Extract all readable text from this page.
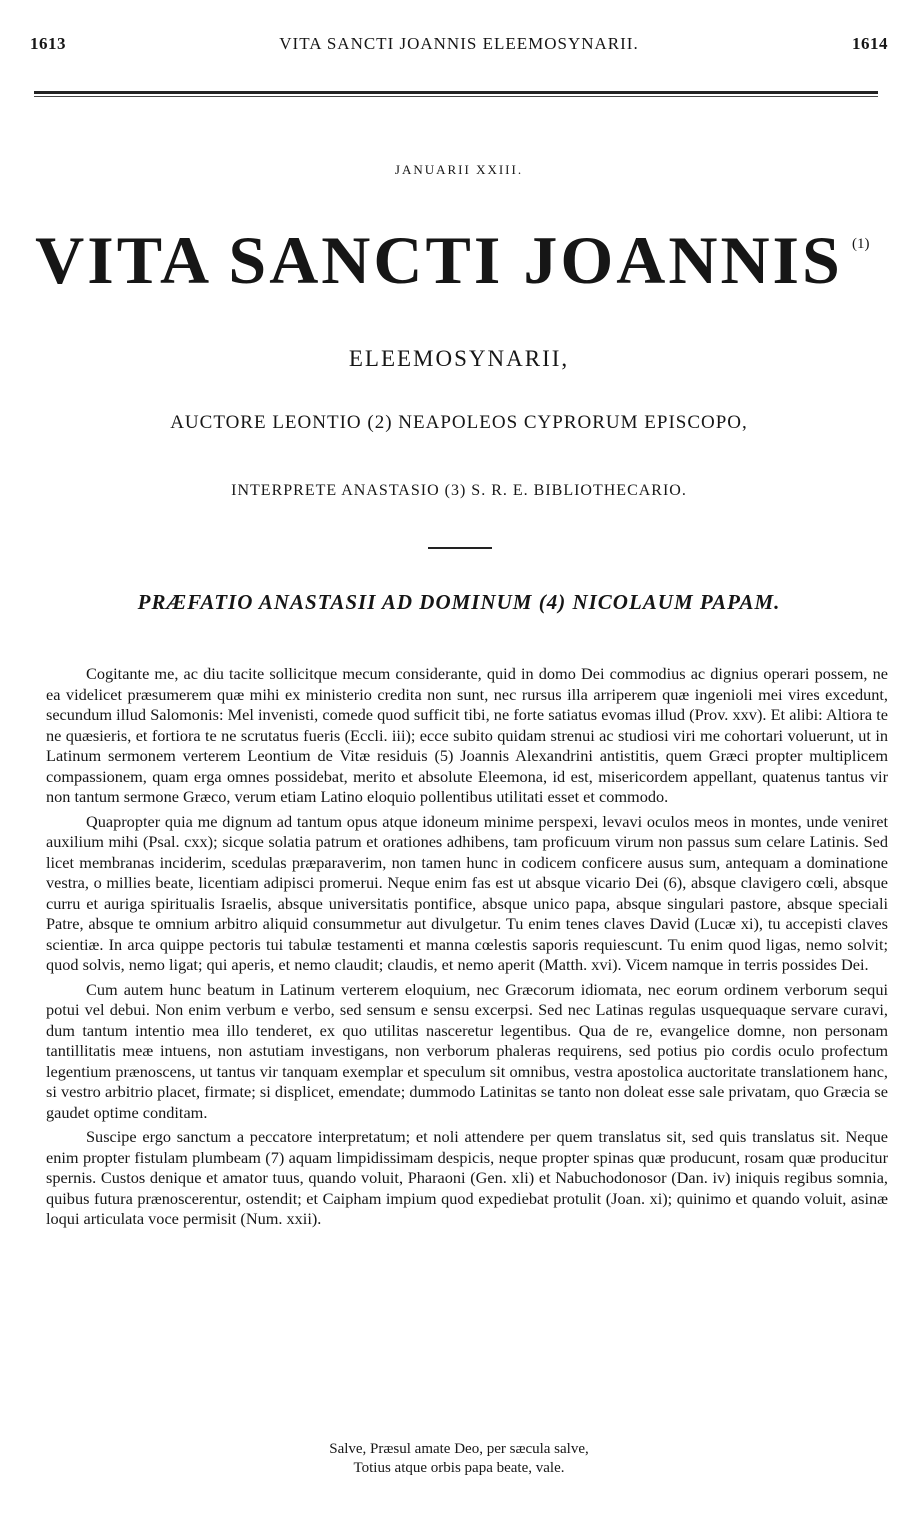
1613	VITA SANCTI JOANNIS ELEEMOSYNARII.	1614
JANUARII XXIII.
VITA SANCTI JOANNIS (1)
ELEEMOSYNARII,
AUCTORE LEONTIO (2) NEAPOLEOS CYPRORUM EPISCOPO,
INTERPRETE ANASTASIO (3) S. R. E. BIBLIOTHECARIO.
PRÆFATIO ANASTASII AD DOMINUM (4) NICOLAUM PAPAM.

Cogitante me, ac diu tacite sollicitque mecum considerante, quid in domo Dei commodius ac dignius operari possem, ne ea videlicet præsumerem quæ mihi ex ministerio credita non sunt, nec rursus illa arriperem quæ ingenioli mei vires excedunt, secundum illud Salomonis: Mel invenisti, comede quod sufficit tibi, ne forte satiatus evomas illud (Prov. xxv). Et alibi: Altiora te ne quæsieris, et fortiora te ne scrutatus fueris (Eccli. iii); ecce subito quidam strenui ac studiosi viri me cohortari voluerunt, ut in Latinum sermonem verterem Leontium de Vitæ residuis (5) Joannis Alexandrini antistitis, quem Græci propter multiplicem compassionem, quam erga omnes possidebat, merito et absolute Eleemona, id est, misericordem appellant, quatenus tantus vir non tantum sermone Græco, verum etiam Latino eloquio pollentibus utilitati esset et commodo.

Quapropter quia me dignum ad tantum opus atque idoneum minime perspexi, levavi oculos meos in montes, unde veniret auxilium mihi (Psal. cxx); sicque solatia patrum et orationes adhibens, tam proficuum virum non passus sum celare Latinis. Sed licet membranas inciderim, scedulas præparaverim, non tamen hunc in codicem conficere ausus sum, antequam a dominatione vestra, o millies beate, licentiam adipisci promerui. Neque enim fas est ut absque vicario Dei (6), absque clavigero cœli, absque curru et auriga spiritualis Israelis, absque universitatis pontifice, absque unico papa, absque singulari pastore, absque speciali Patre, absque te omnium arbitro aliquid consummetur aut divulgetur. Tu enim tenes claves David (Lucæ xi), tu accepisti claves scientiæ. In arca quippe pectoris tui tabulæ testamenti et manna cœlestis saporis requiescunt. Tu enim quod ligas, nemo solvit; quod solvis, nemo ligat; qui aperis, et nemo claudit; claudis, et nemo aperit (Matth. xvi). Vicem namque in terris possides Dei.

Cum autem hunc beatum in Latinum verterem eloquium, nec Græcorum idiomata, nec eorum ordinem verborum sequi potui vel debui. Non enim verbum e verbo, sed sensum e sensu excerpsi. Sed nec Latinas regulas usquequaque servare curavi, dum tantum intentio mea illo tenderet, ex quo utilitas nasceretur legentibus. Qua de re, evangelice domne, non personam tantillitatis meæ intuens, non astutiam investigans, non verborum phaleras requirens, sed potius pio cordis oculo profectum legentium prænoscens, ut tantus vir tanquam exemplar et speculum sit omnibus, vestra apostolica auctoritate translationem hanc, si vestro arbitrio placet, firmate; si displicet, emendate; dummodo Latinitas se tanto non doleat esse sale privatam, quo Græcia se gaudet optime conditam.

Suscipe ergo sanctum a peccatore interpretatum; et noli attendere per quem translatus sit, sed quis translatus sit. Neque enim propter fistulam plumbeam (7) aquam limpidissimam despicis, neque propter spinas quæ producunt, rosam quæ producitur spernis. Custos denique et amator tuus, quando voluit, Pharaoni (Gen. xli) et Nabuchodonosor (Dan. iv) iniquis regibus somnia, quibus futura prænoscerentur, ostendit; et Caipham impium quod expediebat protulit (Joan. xi); quinimo et quando voluit, asinæ loqui articulata voce permisit (Num. xxii).

Salve, Præsul amate Deo, per sæcula salve,
Totius atque orbis papa beate, vale.
